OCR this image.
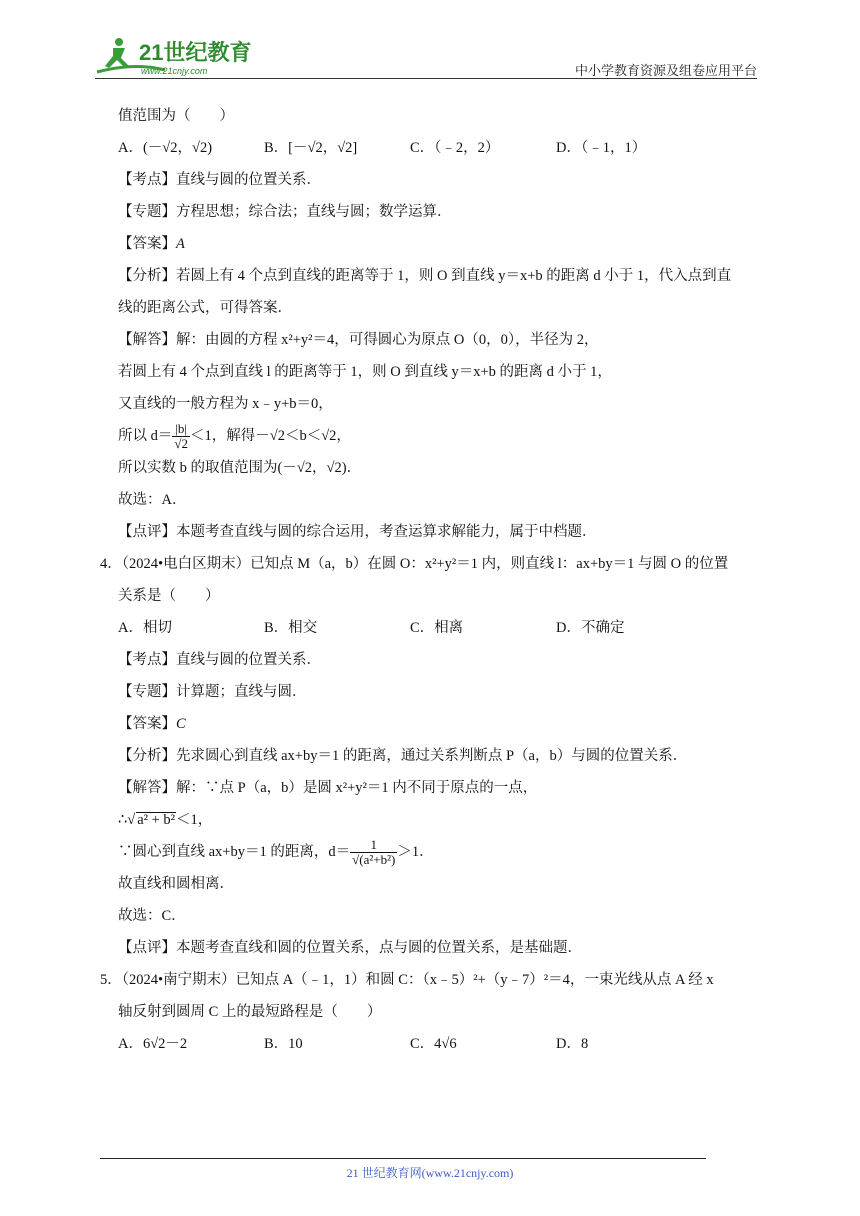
21世纪教育
www.21cnjy.com	中小学教育资源及组卷应用平台
值范围为（　　）
A．(－√2，√2)	B．[－√2，√2]	C．（﹣2，2）	D．（﹣1，1）
【考点】直线与圆的位置关系．
【专题】方程思想；综合法；直线与圆；数学运算．
【答案】A
【分析】若圆上有 4 个点到直线的距离等于 1，则 O 到直线 y＝x+b 的距离 d 小于 1，代入点到直
线的距离公式，可得答案．
【解答】解：由圆的方程 x²+y²＝4，可得圆心为原点 O（0，0），半径为 2，
若圆上有 4 个点到直线 l 的距离等于 1，则 O 到直线 y＝x+b 的距离 d 小于 1，
又直线的一般方程为 x﹣y+b＝0，
所以 $d= \frac{|b|}{√2} <1$，解得－√2＜b＜√2，
所以实数 b 的取值范围为(－√2，√2)．
故选：A．
【点评】本题考查直线与圆的综合运用，考查运算求解能力，属于中档题．
4．（2024•电白区期末）已知点 M（a，b）在圆 O：x²+y²＝1 内，则直线 l：ax+by＝1 与圆 O 的位置
关系是（　　）
A．相切	B．相交	C．相离	D．不确定
【考点】直线与圆的位置关系．
【专题】计算题；直线与圆．
【答案】C
【分析】先求圆心到直线 ax+by＝1 的距离，通过关系判断点 P（a，b）与圆的位置关系．
【解答】解：∵点 P（a，b）是圆 x²+y²＝1 内不同于原点的一点，
∴√ a² + b²＜1，
∵圆心到直线 ax+by＝1 的距离，$d= \frac{1}{\text{√(a²+b²)}} >1$．
故直线和圆相离．
故选：C．
【点评】本题考查直线和圆的位置关系，点与圆的位置关系，是基础题．
5．（2024•南宁期末）已知点 A（﹣1，1）和圆 C：（x﹣5）²+（y﹣7）²＝4，一束光线从点 A 经 x
轴反射到圆周 C 上的最短路程是（　　）
A．6√2－2	B．10	C．4√6	D．8
21 世纪教育网(www.21cnjy.com)
